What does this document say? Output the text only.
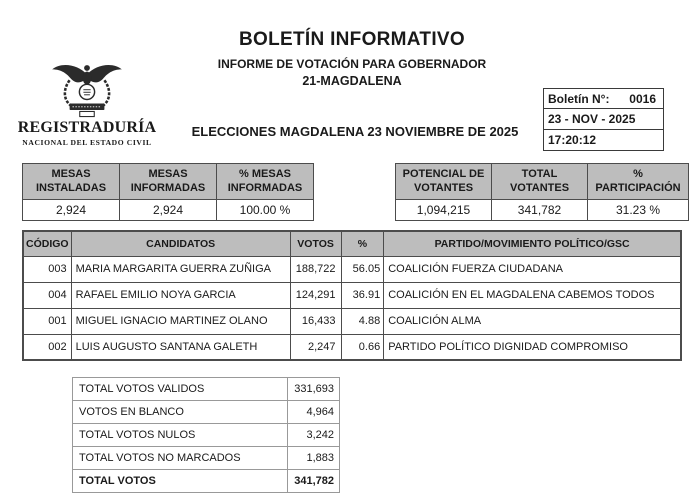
BOLETÍN INFORMATIVO
INFORME DE VOTACIÓN PARA GOBERNADOR
21-MAGDALENA
REGISTRADURÍA
NACIONAL DEL ESTADO CIVIL
Boletín N°: 0016
23 - NOV - 2025
17:20:12
ELECCIONES MAGDALENA 23 NOVIEMBRE DE 2025
MESAS INSTALADAS	MESAS INFORMADAS	% MESAS INFORMADAS
2,924	2,924	100.00 %
POTENCIAL DE VOTANTES	TOTAL VOTANTES	% PARTICIPACIÓN
1,094,215	341,782	31.23 %
CÓDIGO	CANDIDATOS	VOTOS	%	PARTIDO/MOVIMIENTO POLÍTICO/GSC
003	MARIA MARGARITA GUERRA ZUÑIGA	188,722	56.05	COALICIÓN FUERZA CIUDADANA
004	RAFAEL EMILIO NOYA GARCIA	124,291	36.91	COALICIÓN EN EL MAGDALENA CABEMOS TODOS
001	MIGUEL IGNACIO MARTINEZ OLANO	16,433	4.88	COALICIÓN ALMA
002	LUIS AUGUSTO SANTANA GALETH	2,247	0.66	PARTIDO POLÍTICO DIGNIDAD COMPROMISO
TOTAL VOTOS VALIDOS	331,693
VOTOS EN BLANCO	4,964
TOTAL VOTOS NULOS	3,242
TOTAL VOTOS NO MARCADOS	1,883
TOTAL VOTOS	341,782
